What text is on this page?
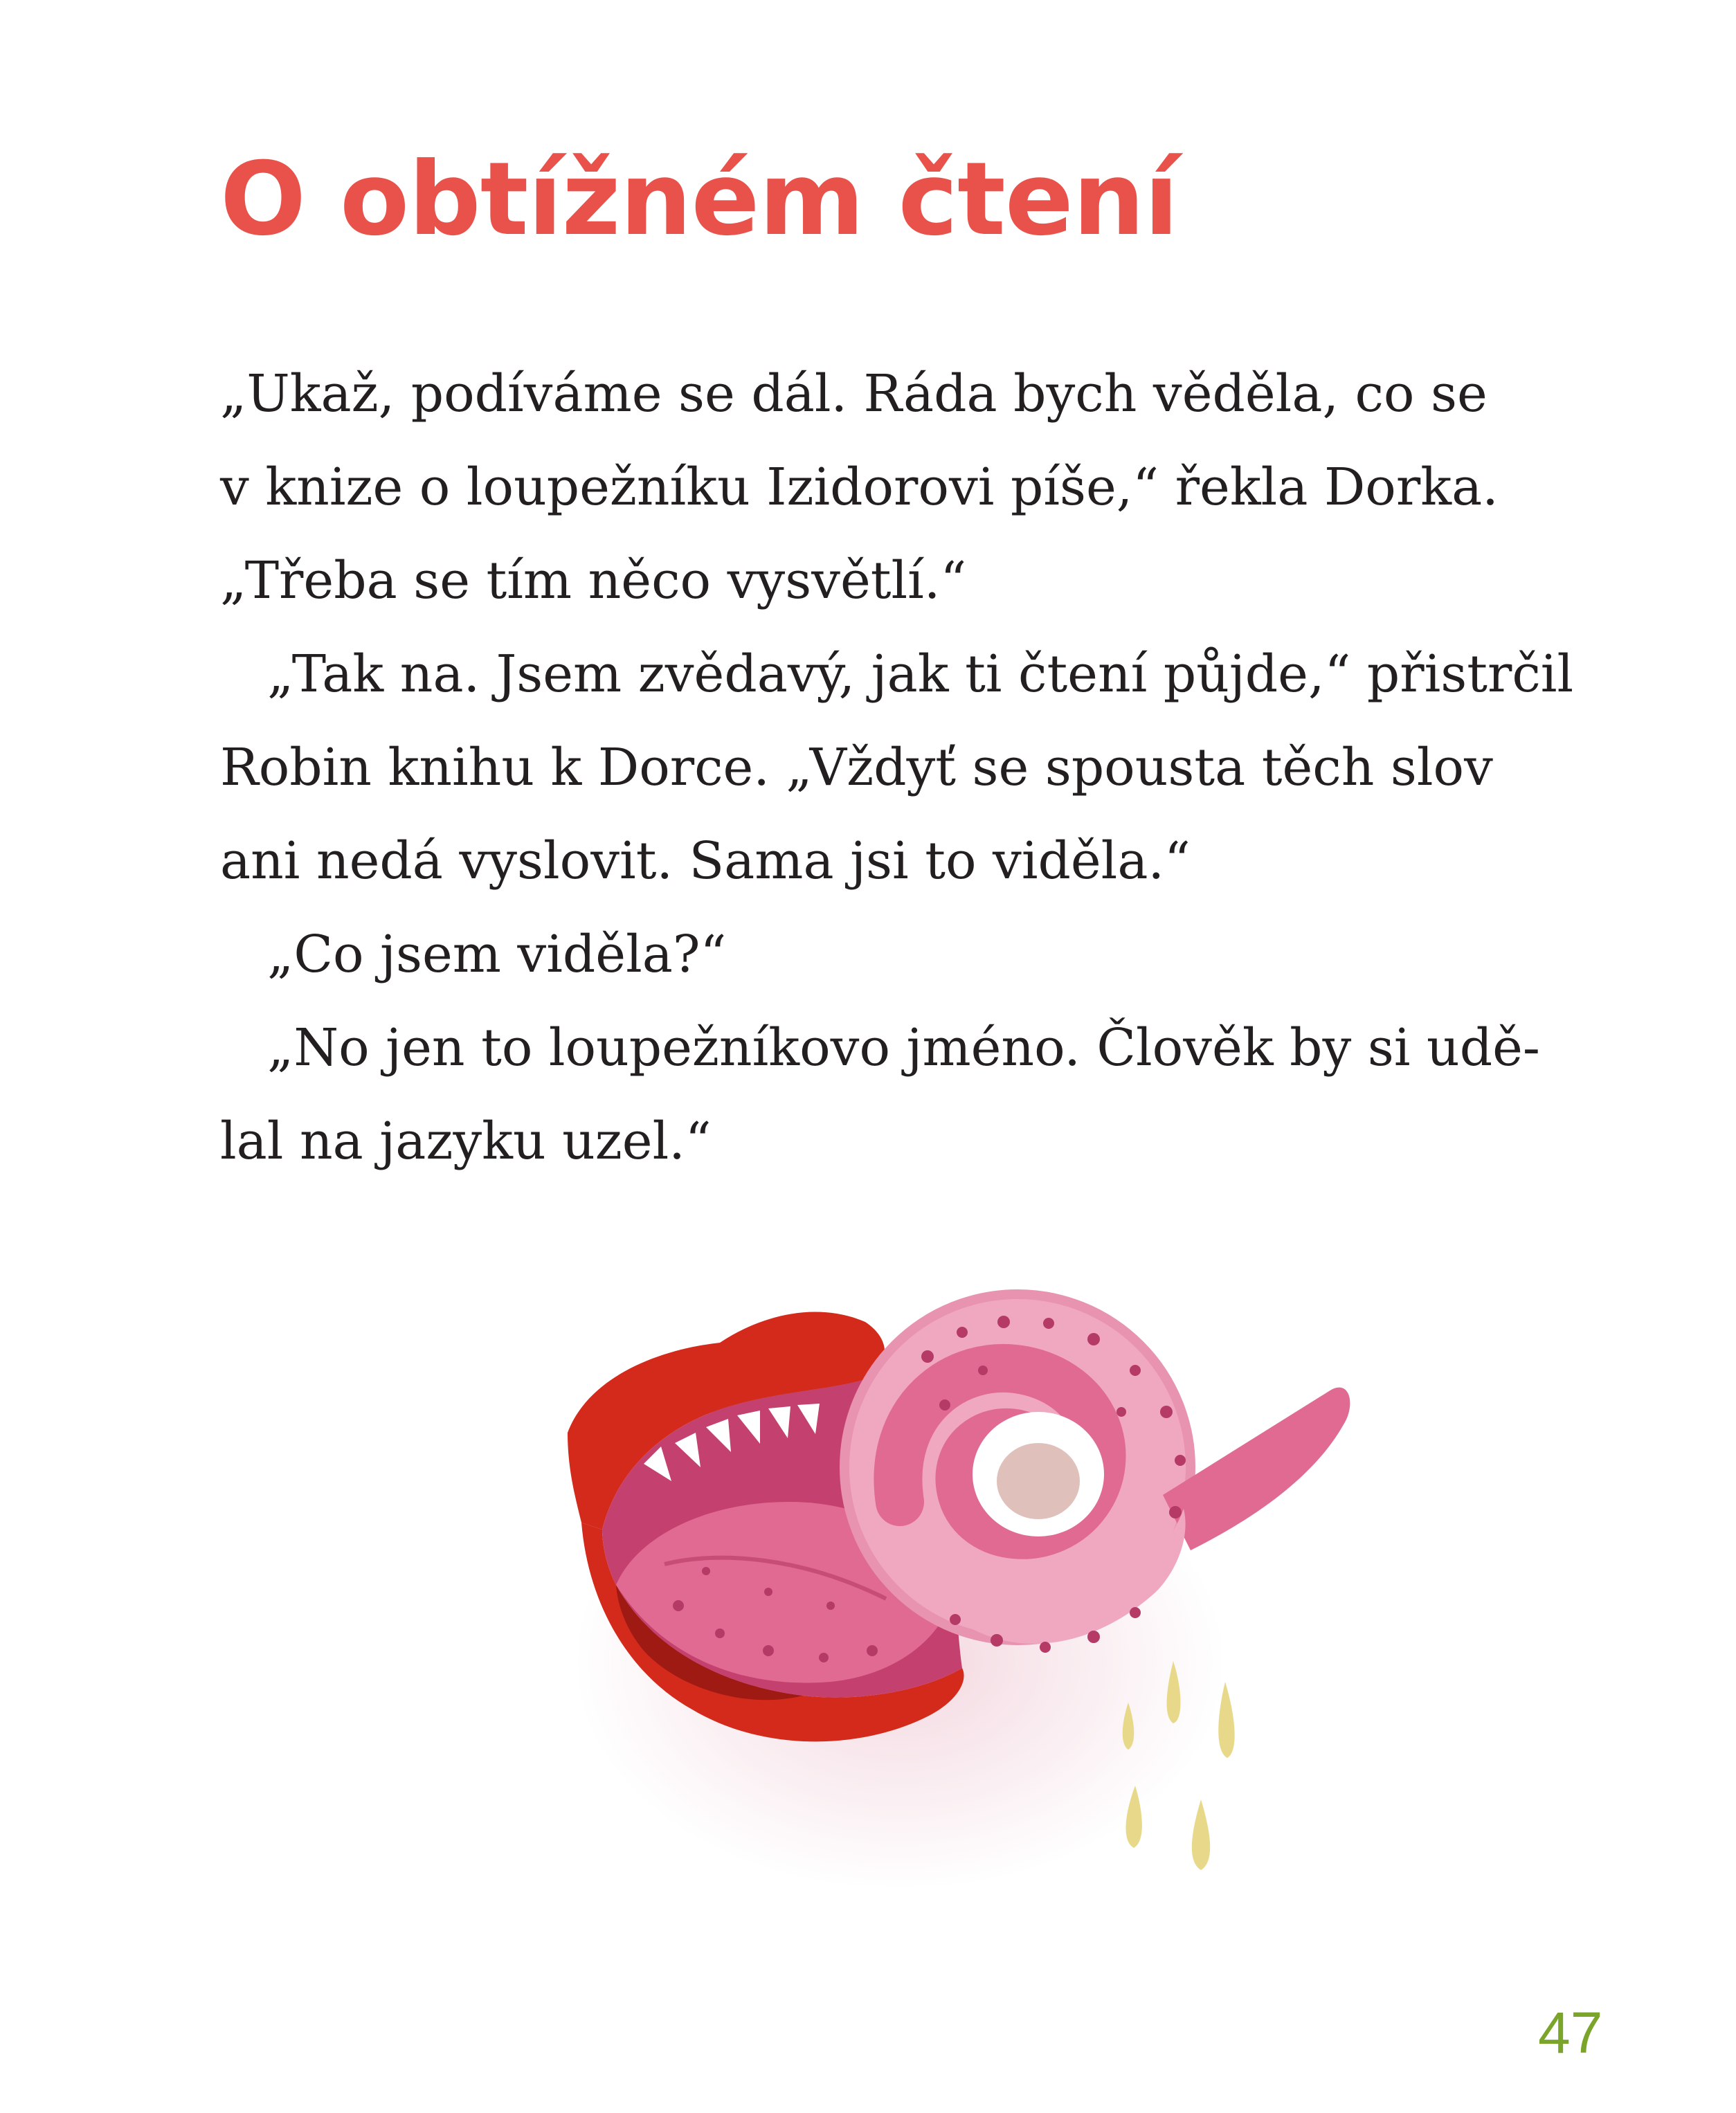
O obtížném čtení
„Ukaž, podíváme se dál. Ráda bych věděla, co se
v knize o loupežníku Izidorovi píše,“ řekla Dorka.
„Třeba se tím něco vysvětlí.“
„Tak na. Jsem zvědavý, jak ti čtení půjde,“ přistrčil
Robin knihu k Dorce. „Vždyť se spousta těch slov
ani nedá vyslovit. Sama jsi to viděla.“
„Co jsem viděla?“
„No jen to loupežníkovo jméno. Člověk by si udě-
lal na jazyku uzel.“
47
